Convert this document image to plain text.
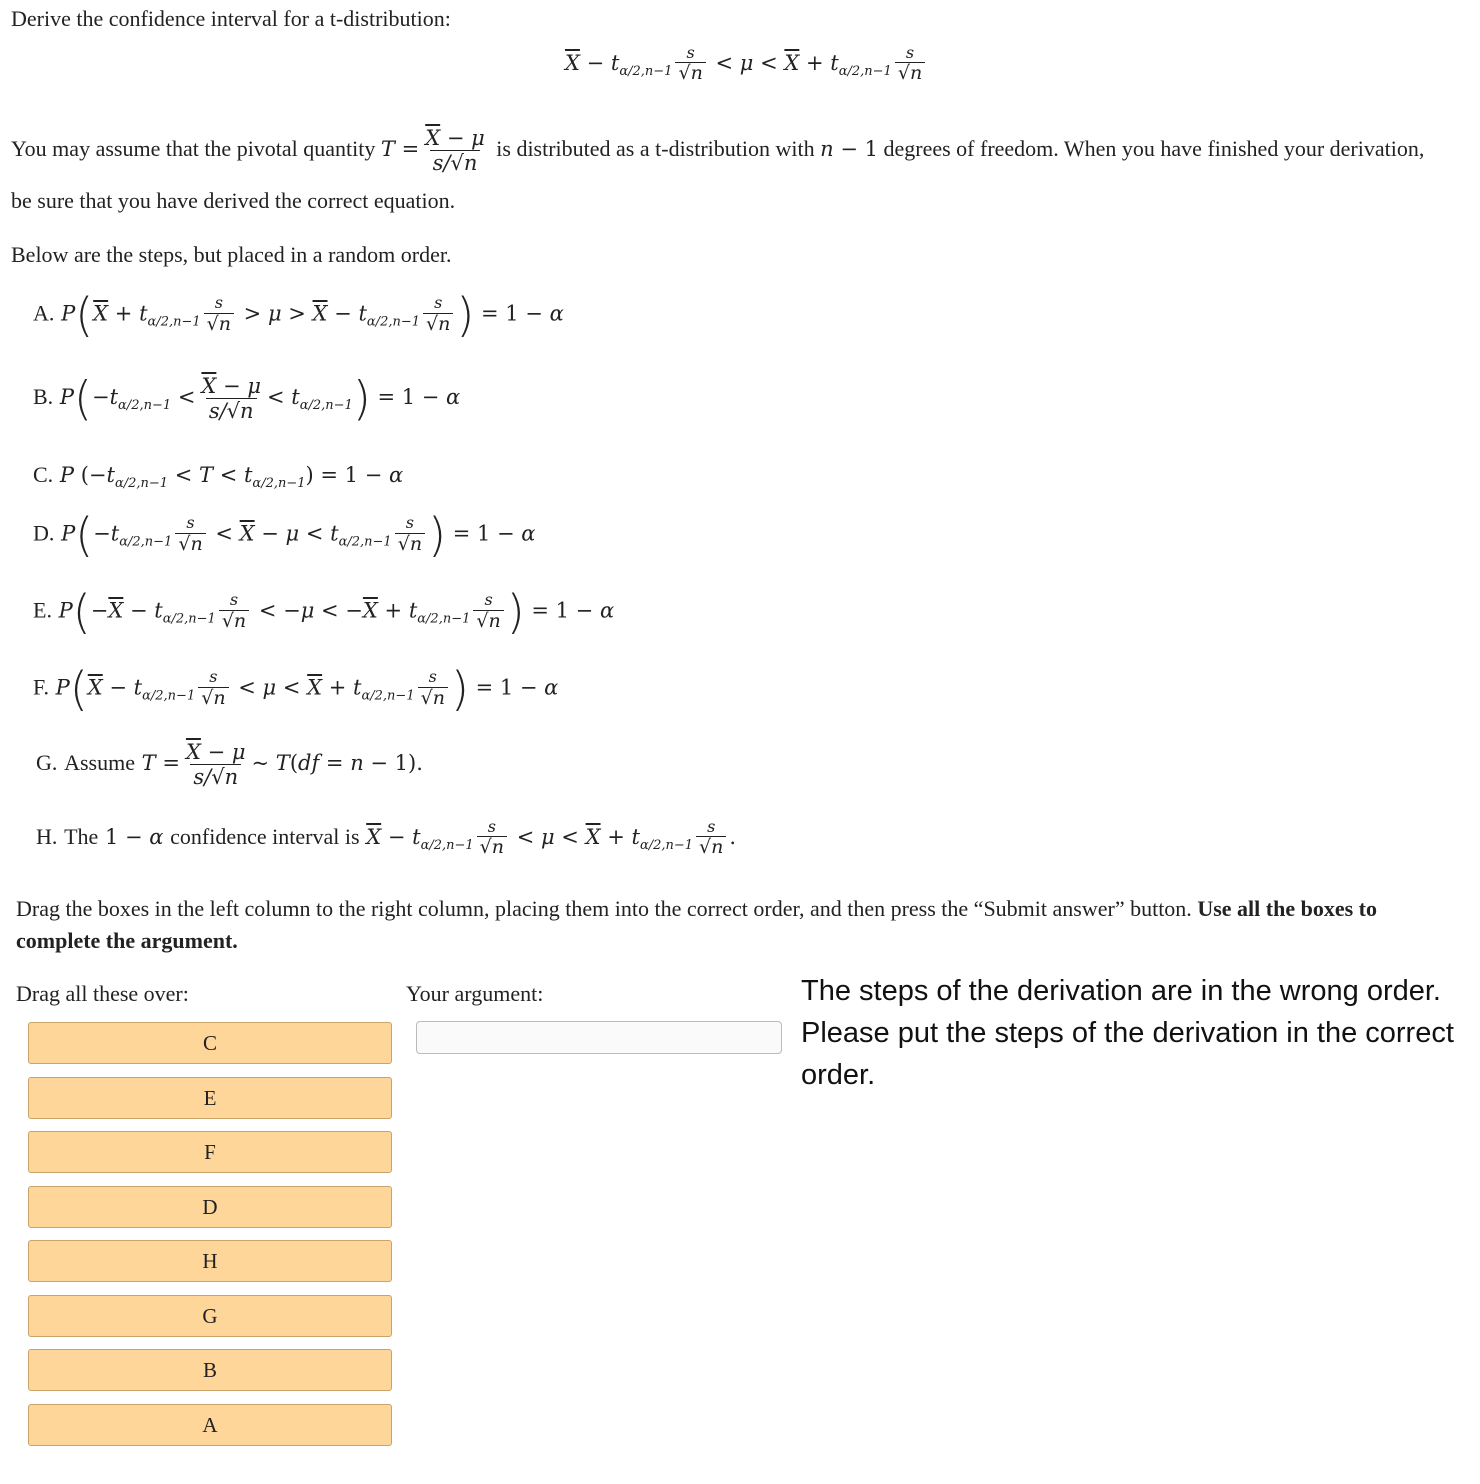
Derive the confidence interval for a t-distribution:
$\overline{X} - t_{\alpha/2,n-1} \frac{s}{√n} < \mu < \overline{X} + t_{\alpha/2,n-1} \frac{s}{√n}$
You may assume that the pivotal quantity $T = \frac{\overline{X} - \mu}{s/√n}$ is distributed as a t-distribution with n − 1 degrees of freedom. When you have finished your derivation,
be sure that you have derived the correct equation.
Below are the steps, but placed in a random order.
A. $P(\overline{X} + t_{\alpha/2,n-1} \frac{s}{√n} > \mu > \overline{X} - t_{\alpha/2,n-1} \frac{s}{√n}$ ) = 1 − α
B. $P(-t_{\alpha/2,n-1} < \frac{\overline{X} - \mu}{s/√n} < t_{\alpha/2,n-1}) = 1 - \alpha$
C. P $(-t_{\alpha/2,n-1} < T < t_{\alpha/2,n-1}) = 1 - \alpha$
D. $P(-t_{\alpha/2,n-1} \frac{s}{√n} < \overline{X} - \mu < t_{\alpha/2,n-1} \frac{s}{√n}$ ) = 1 − α
E. $P(-\overline{X} - t_{\alpha/2,n-1} \frac{s}{√n} < -\mu < -\overline{X} + t_{\alpha/2,n-1} \frac{s}{√n}$ ) = 1 − α
F. $P(\overline{X} - t_{\alpha/2,n-1} \frac{s}{√n} < \mu < \overline{X} + t_{\alpha/2,n-1} \frac{s}{√n}$ ) = 1 − α
G. Assume $T = \frac{\overline{X} - \mu}{s/√n}$ ~ T(df = n − 1).
H. The 1 − α confidence interval is $\overline{X} - t_{\alpha/2,n-1} \frac{s}{√n} < \mu < \overline{X} + t_{\alpha/2,n-1} \frac{s}{√n}$ .
Drag the boxes in the left column to the right column, placing them into the correct order, and then press the “Submit answer” button. Use all the boxes to complete the argument.
Drag all these over:	Your argument:
C
E
F
D
H
G
B
A
The steps of the derivation are in the wrong order. Please put the steps of the derivation in the correct order.
